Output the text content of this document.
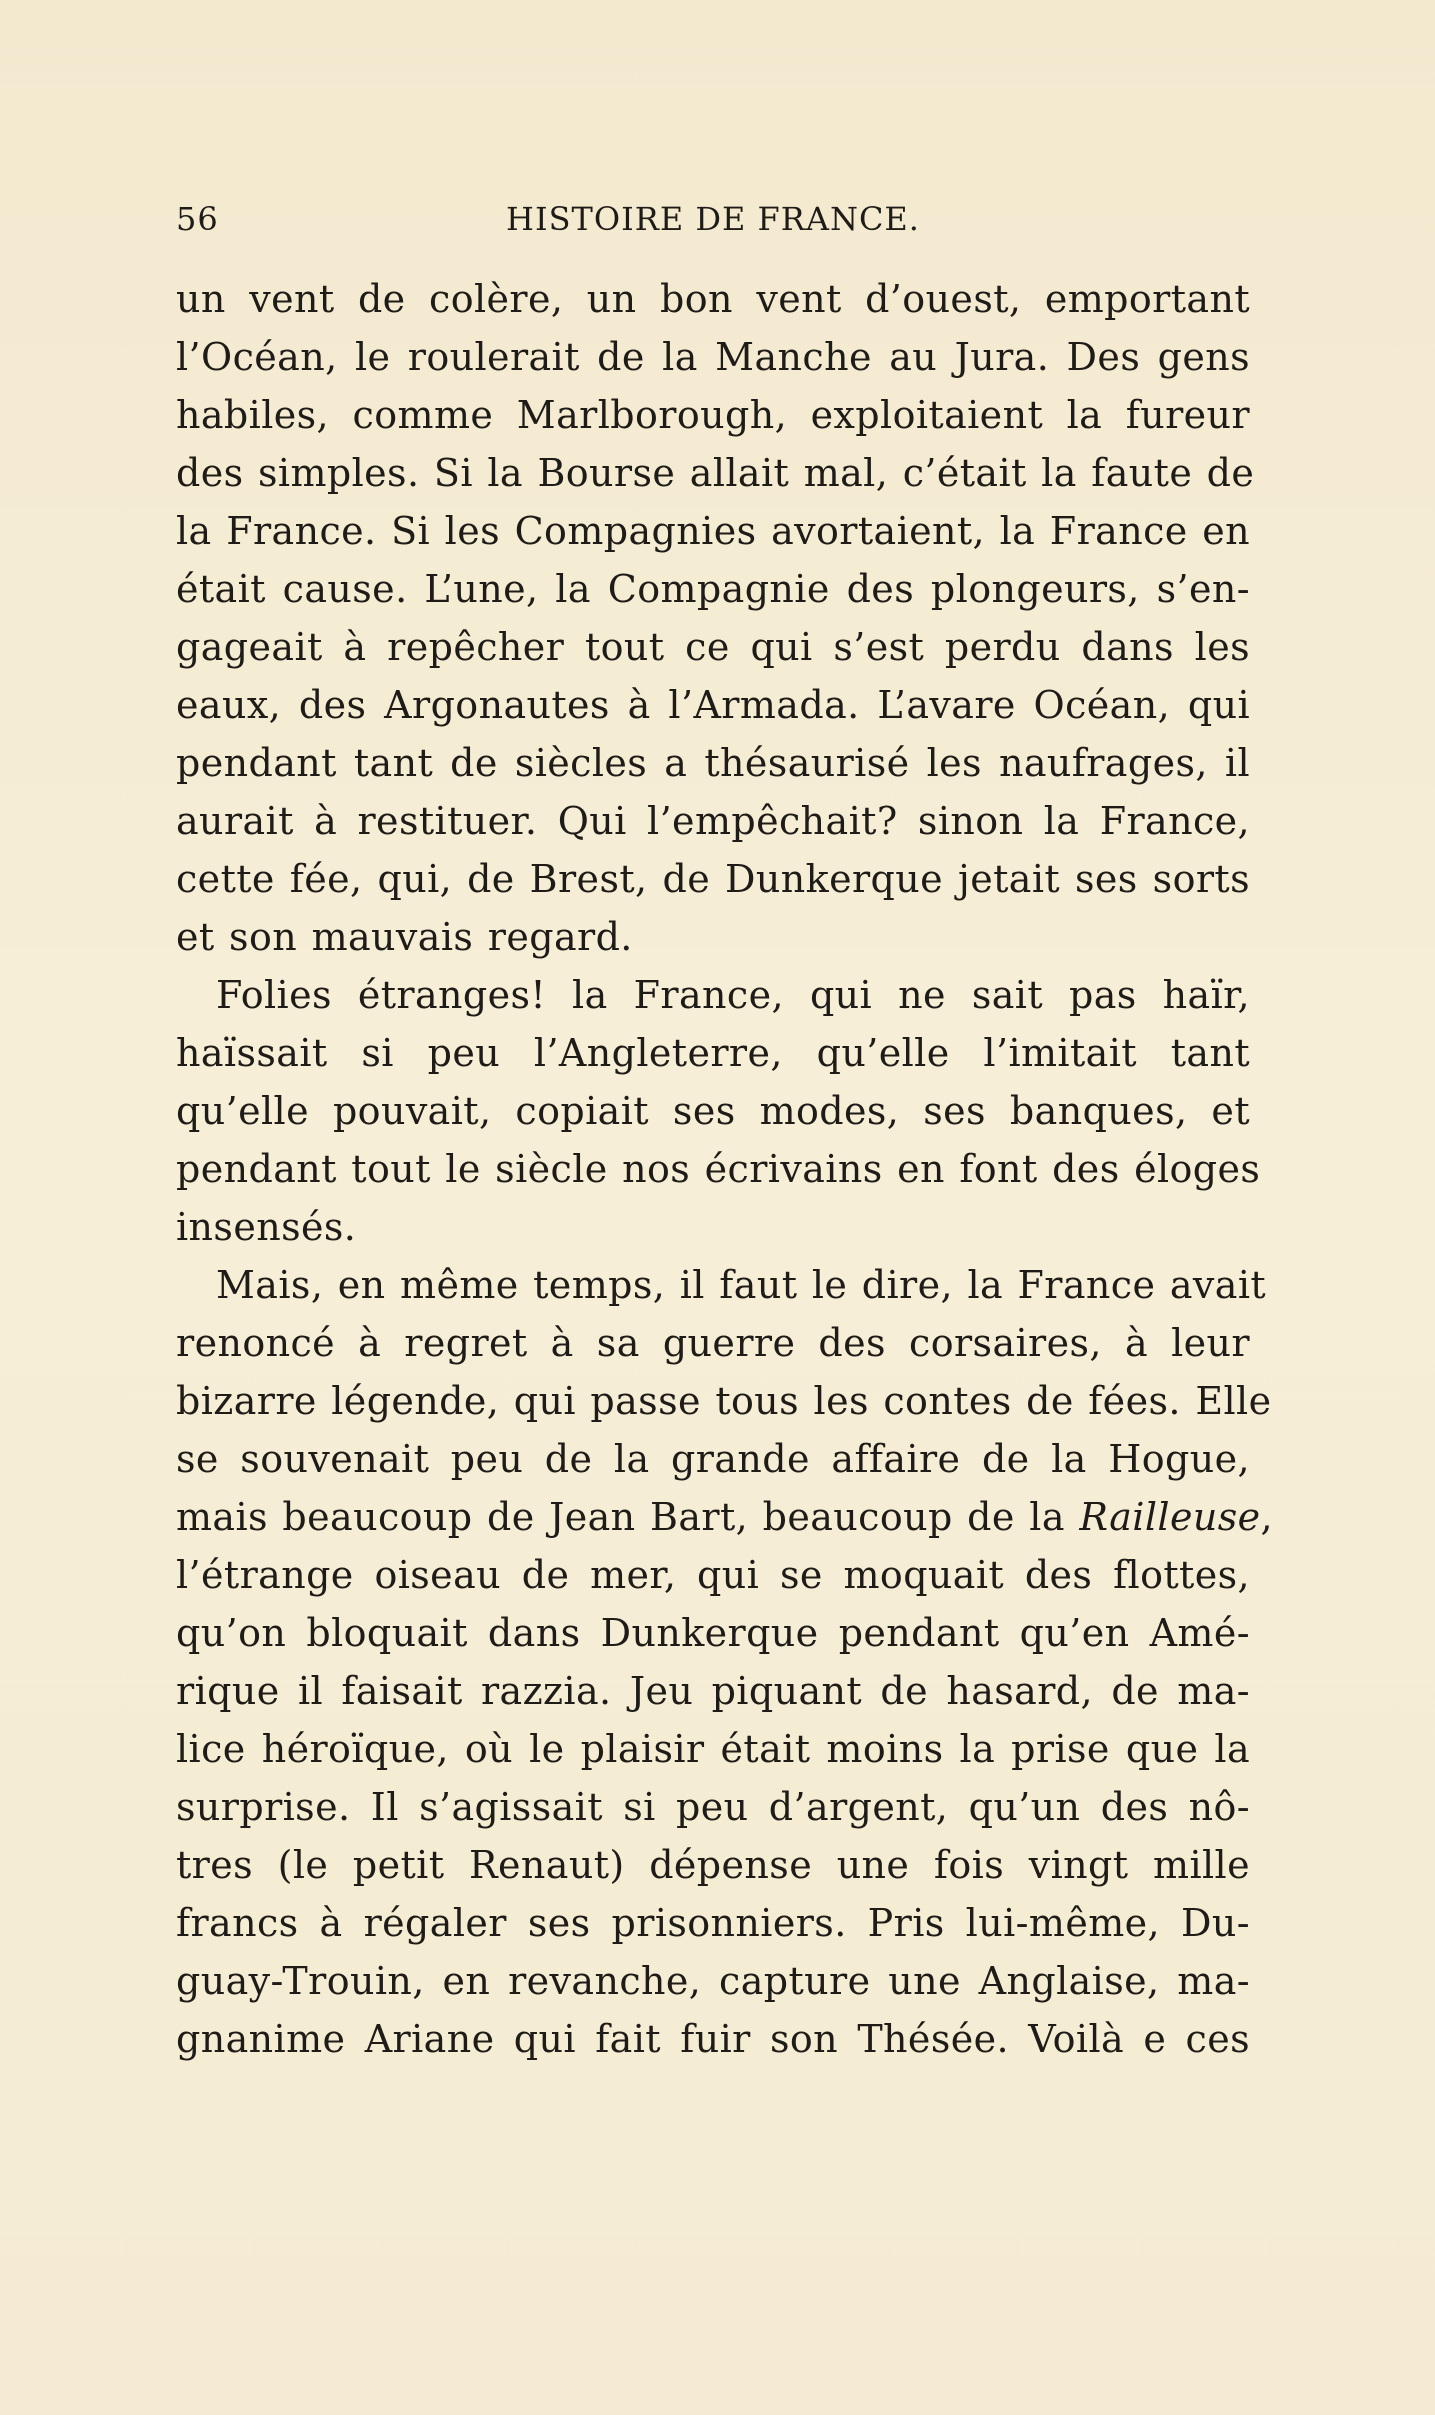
56	HISTOIRE DE FRANCE.
un vent de colère, un bon vent d’ouest, emportant
l’Océan, le roulerait de la Manche au Jura. Des gens
habiles, comme Marlborough, exploitaient la fureur
des simples. Si la Bourse allait mal, c’était la faute de
la France. Si les Compagnies avortaient, la France en
était cause. L’une, la Compagnie des plongeurs, s’en-
gageait à repêcher tout ce qui s’est perdu dans les
eaux, des Argonautes à l’Armada. L’avare Océan, qui
pendant tant de siècles a thésaurisé les naufrages, il
aurait à restituer. Qui l’empêchait? sinon la France,
cette fée, qui, de Brest, de Dunkerque jetait ses sorts
et son mauvais regard.
Folies étranges! la France, qui ne sait pas haïr,
haïssait si peu l’Angleterre, qu’elle l’imitait tant
qu’elle pouvait, copiait ses modes, ses banques, et
pendant tout le siècle nos écrivains en font des éloges
insensés.
Mais, en même temps, il faut le dire, la France avait
renoncé à regret à sa guerre des corsaires, à leur
bizarre légende, qui passe tous les contes de fées. Elle
se souvenait peu de la grande affaire de la Hogue,
mais beaucoup de Jean Bart, beaucoup de la Railleuse,
l’étrange oiseau de mer, qui se moquait des flottes,
qu’on bloquait dans Dunkerque pendant qu’en Amé-
rique il faisait razzia. Jeu piquant de hasard, de ma-
lice héroïque, où le plaisir était moins la prise que la
surprise. Il s’agissait si peu d’argent, qu’un des nô-
tres (le petit Renaut) dépense une fois vingt mille
francs à régaler ses prisonniers. Pris lui-même, Du-
guay-Trouin, en revanche, capture une Anglaise, ma-
gnanime Ariane qui fait fuir son Thésée. Voilà e ces
